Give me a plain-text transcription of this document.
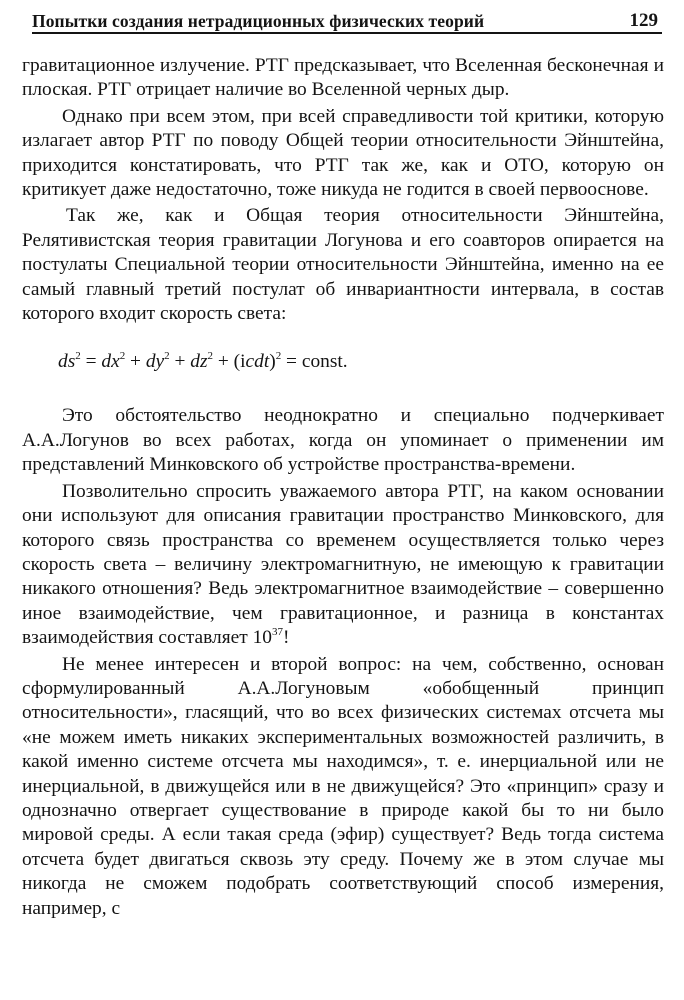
Попытки создания нетрадиционных физических теорий	129

гравитационное излучение. РТГ предсказывает, что Вселенная бесконечная и плоская. РТГ отрицает наличие во Вселенной черных дыр.

Однако при всем этом, при всей справедливости той критики, которую излагает автор РТГ по поводу Общей теории относительности Эйнштейна, приходится констатировать, что РТГ так же, как и ОТО, которую он критикует даже недостаточно, тоже никуда не годится в своей первооснове.

Так же, как и Общая теория относительности Эйнштейна, Релятивистская теория гравитации Логунова и его соавторов опирается на постулаты Специальной теории относительности Эйнштейна, именно на ее самый главный третий постулат об инвариантности интервала, в состав которого входит скорость света:

$ds^2 = dx^2 + dy^2 + dz^2$ + (icdt)$^2$ = const.

Это обстоятельство неоднократно и специально подчеркивает А.А.Логунов во всех работах, когда он упоминает о применении им представлений Минковского об устройстве пространства-времени.

Позволительно спросить уважаемого автора РТГ, на каком основании они используют для описания гравитации пространство Минковского, для которого связь пространства со временем осуществляется только через скорость света – величину электромагнитную, не имеющую к гравитации никакого отношения? Ведь электромагнитное взаимодействие – совершенно иное взаимодействие, чем гравитационное, и разница в константах взаимодействия составляет $10^{37}$!

Не менее интересен и второй вопрос: на чем, собственно, основан сформулированный А.А.Логуновым «обобщенный принцип относительности», гласящий, что во всех физических системах отсчета мы «не можем иметь никаких экспериментальных возможностей различить, в какой именно системе отсчета мы находимся», т. е. инерциальной или не инерциальной, в движущейся или в не движущейся? Это «принцип» сразу и однозначно отвергает существование в природе какой бы то ни было мировой среды. А если такая среда (эфир) существует? Ведь тогда система отсчета будет двигаться сквозь эту среду. Почему же в этом случае мы никогда не сможем подобрать соответствующий способ измерения, например, с
